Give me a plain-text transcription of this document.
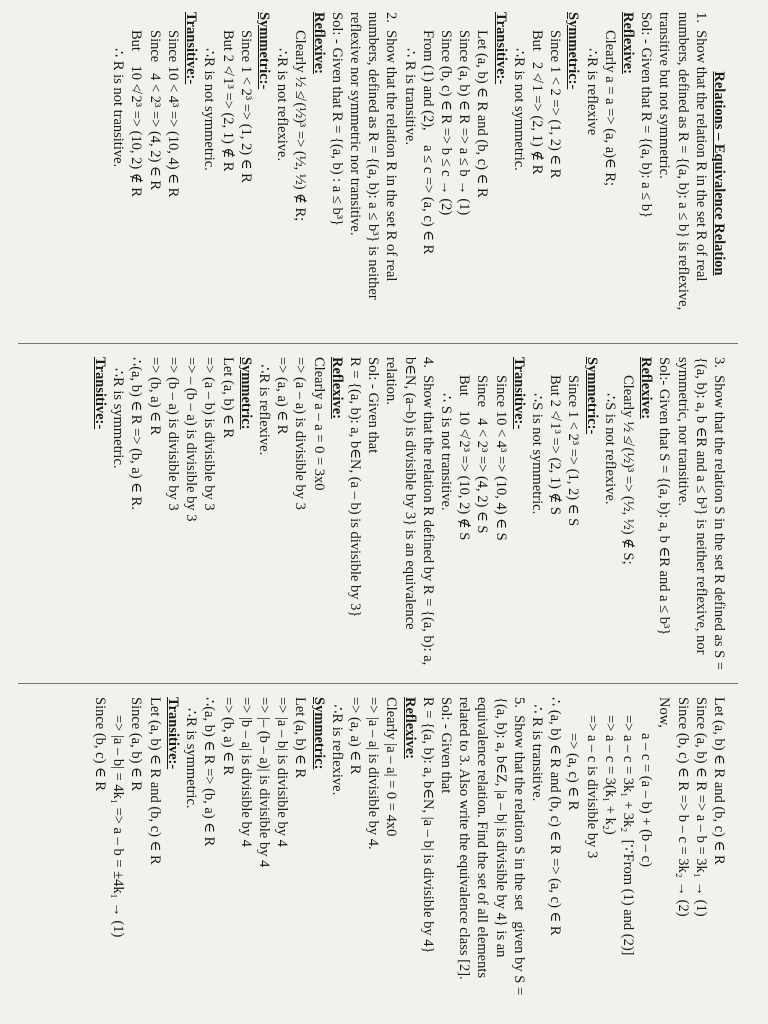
Relations – Equivalence Relation
1.  Show that the relation R in the set R of real numbers, defined as R = {(a, b): a ≤ b} is reflexive, transitive but not symmetric.
Sol: - Given that R = {(a, b): a ≤ b}
Reflexive:
Clearly a = a => (a, a)∈ R;
∴R is reflexive
Symmetric:-
Since 1 < 2 => (1, 2) ∈ R
But   2 ≮ 1 => (2, 1) ∉ R
∴R is not symmetric.
Transitive:-
Let (a, b) ∈ R and (b, c) ∈ R
Since (a, b) ∈ R => a ≤ b → (1)
Since (b, c) ∈ R => b ≤ c → (2)
From (1) and (2),    a ≤ c => (a, c) ∈ R
∴ R is transitive.
2.  Show that the relation R in the set R of real numbers, defined as R = {(a, b): a ≤ b³} is neither reflexive nor symmetric nor transitive.
Sol: - Given that R = {(a, b) : a ≤ b³}
Reflexive:
Clearly ½ ≰ (½)³ => (½, ½) ∉ R;
∴R is not reflexive.
Symmetric:-
Since 1 < 2³ => (1, 2) ∈ R
But 2 ≮ 1³ => (2, 1) ∉ R
∴R is not symmetric.
Transitive:-
Since 10 < 4³ => (10, 4) ∈ R
Since   4 < 2³ => (4, 2) ∈ R
But    10 ≮ 2³ => (10, 2) ∉ R
∴ R is not transitive.
3.  Show that the relation S in the set R defined as S = {(a, b): a, b ∈R and a ≤ b³} is neither reflexive, nor symmetric, nor transitive.
Sol:- Given that S = {(a, b): a, b ∈R and a ≤ b³}
Reflexive:
Clearly ½ ≰ (½)³ => (½, ½) ∉ S;
∴S is not reflexive.
Symmetric:-
Since 1 < 2³ => (1, 2) ∈ S
But 2 ≮ 1³ => (2, 1) ∉ S
∴S is not symmetric.
Transitive:-
Since 10 < 4³ => (10, 4) ∈ S
Since   4 < 2³ => (4, 2) ∈ S
But    10 ≮ 2³ => (10, 2) ∉ S
∴ S is not transitive.
4.  Show that the relation R defined by R = {(a, b): a, b∈N, (a–b) is divisible by 3} is an equivalence relation.
Sol: - Given that
R = {(a, b): a, b∈N, (a – b) is divisible by 3}
Reflexive:
Clearly a – a = 0 = 3x0
=> (a – a) is divisible by 3
=> (a, a) ∈ R
∴R is reflexive.
Symmetric:
Let (a, b) ∈ R
=> (a – b) is divisible by 3
=> – (b – a) is divisible by 3
=> (b – a) is divisible by 3
=> (b, a) ∈ R
∴(a, b) ∈ R => (b, a) ∈ R.
∴R is symmetric.
Transitive:-
Let (a, b) ∈ R and (b, c) ∈ R
Since (a, b) ∈ R => a – b = 3k₁ → (1)
Since (b, c) ∈ R => b – c = 3k₂ → (2)
Now,
a – c = (a – b) + (b – c)
=> a – c = 3k₁ + 3k₂  [∵From (1) and (2)]
=> a – c = 3(k₁ + k₂)
=> a – c is divisible by 3
=> (a, c) ∈ R
∴ (a, b) ∈ R and (b, c) ∈ R => (a, c) ∈ R
∴ R is transitive.
5.  Show that the relation S in the set   given by S = {(a, b): a, b∈Z, |a – b| is divisible by 4} is an equivalence relation. Find the set of all elements related to 3. Also write the equivalence class [2].
Sol: - Given that
R = {(a, b): a, b∈N, |a – b| is divisible by 4}
Reflexive:
Clearly |a – a| = 0 = 4x0
=> |a – a| is divisible by 4.
=> (a, a) ∈ R
∴R is reflexive.
Symmetric:
Let (a, b) ∈ R
=> |a – b| is divisible by 4
=> |– (b – a)| is divisible by 4
=> |b – a| is divisible by 4
=> (b, a) ∈ R
∴(a, b) ∈ R => (b, a) ∈ R
∴R is symmetric.
Transitive:-
Let (a, b) ∈ R and (b, c) ∈ R
Since (a, b) ∈ R
=> |a – b| = 4k₁ => a – b = ±4k₁ → (1)
Since (b, c) ∈ R
